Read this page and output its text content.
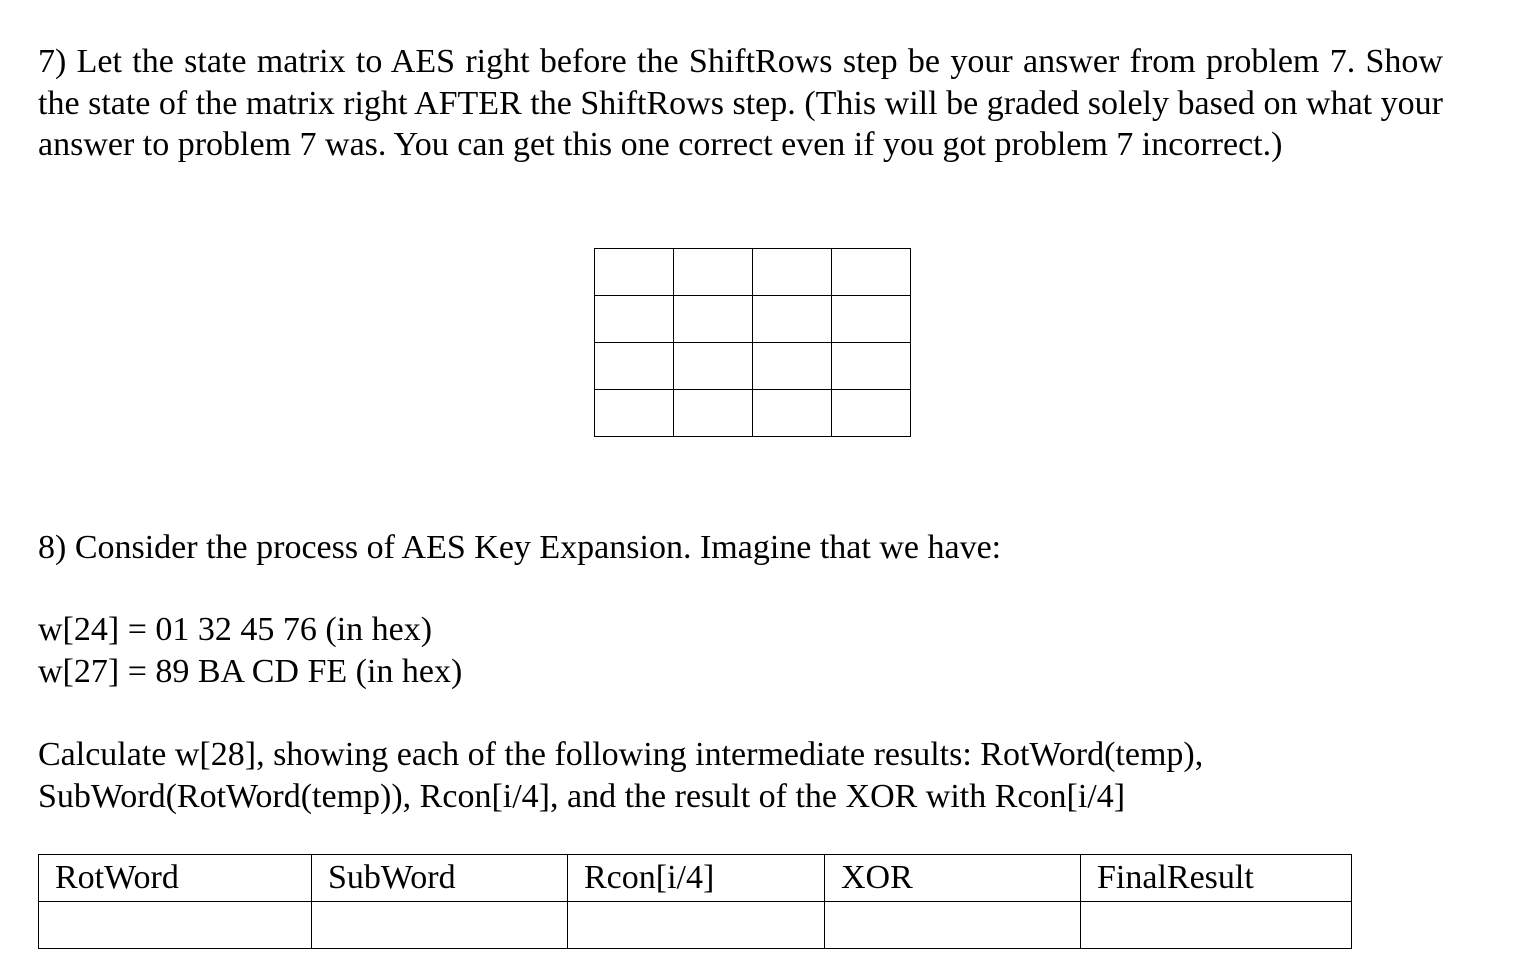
7) Let the state matrix to AES right before the ShiftRows step be your answer from problem 7. Show the state of the matrix right AFTER the ShiftRows step. (This will be graded solely based on what your answer to problem 7 was. You can get this one correct even if you got problem 7 incorrect.)

8) Consider the process of AES Key Expansion. Imagine that we have:

w[24] = 01 32 45 76 (in hex)
w[27] = 89 BA CD FE (in hex)
Calculate w[28], showing each of the following intermediate results: RotWord(temp),
SubWord(RotWord(temp)), Rcon[i/4], and the result of the XOR with Rcon[i/4]
RotWord	SubWord	Rcon[i/4]	XOR	FinalResult
